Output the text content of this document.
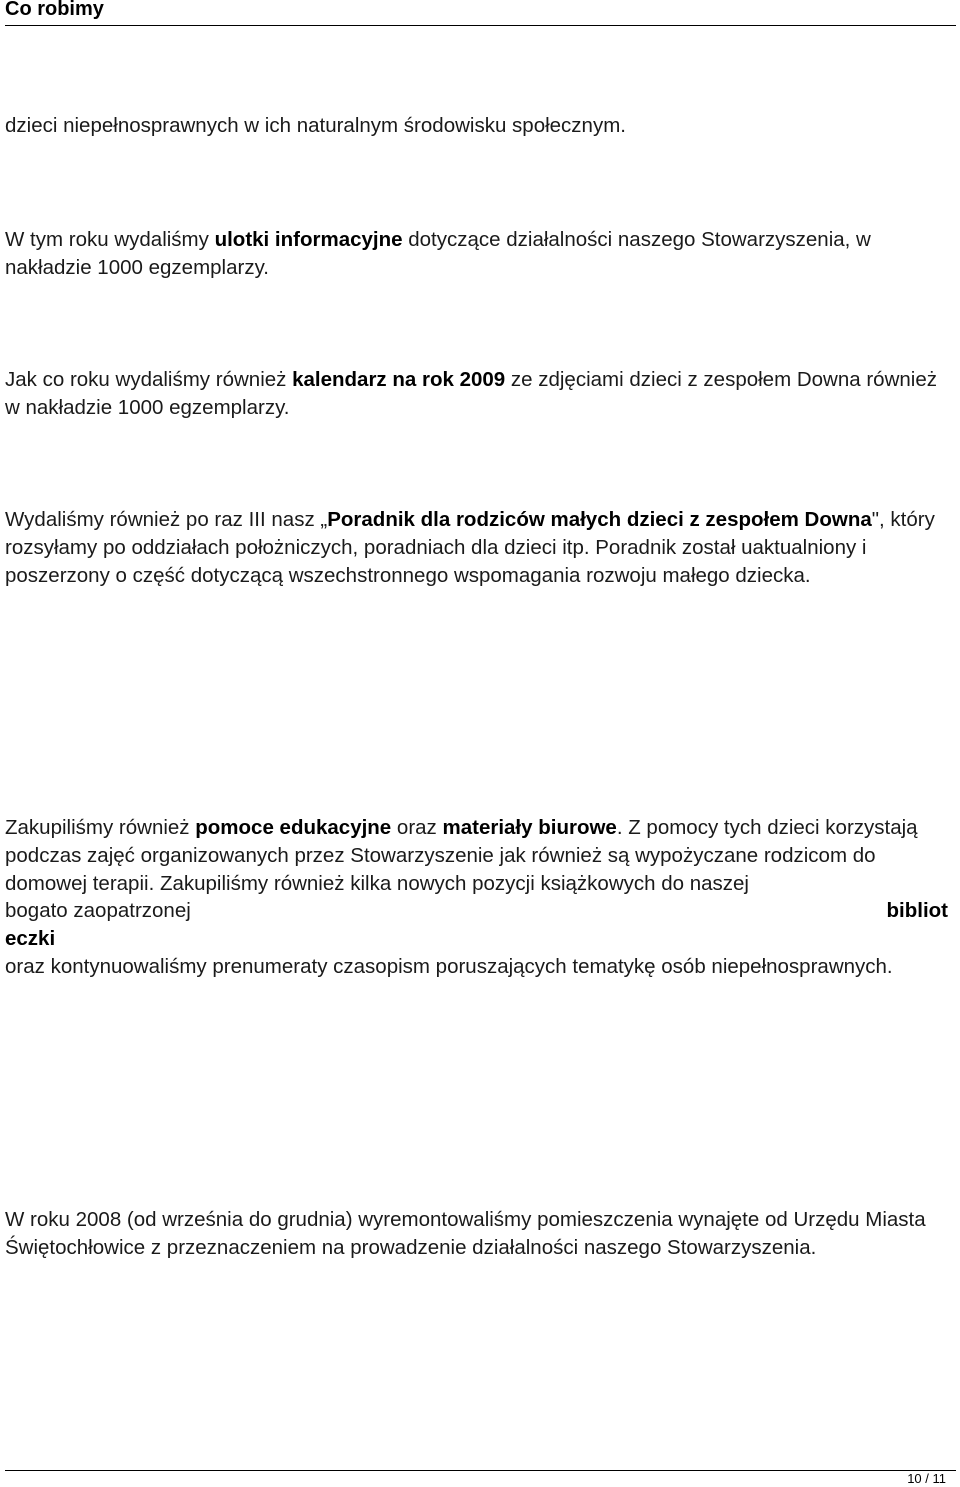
Co robimy

dzieci niepełnosprawnych w ich naturalnym środowisku społecznym.

W tym roku wydaliśmy ulotki informacyjne dotyczące działalności naszego Stowarzyszenia, w nakładzie 1000 egzemplarzy.

Jak co roku wydaliśmy również kalendarz na rok 2009 ze zdjęciami dzieci z zespołem Downa również w nakładzie 1000 egzemplarzy.

Wydaliśmy również po raz III nasz „Poradnik dla rodziców małych dzieci z zespołem Downa", który rozsyłamy po oddziałach położniczych, poradniach dla dzieci itp. Poradnik został uaktualniony i poszerzony o część dotyczącą wszechstronnego wspomagania rozwoju małego dziecka.

Zakupiliśmy również pomoce edukacyjne oraz materiały biurowe. Z pomocy tych dzieci korzystają podczas zajęć organizowanych przez Stowarzyszenie jak również są wypożyczane rodzicom do domowej terapii. Zakupiliśmy również kilka nowych pozycji książkowych do naszej
bogato zaopatrzonej	bibliot
eczki
oraz kontynuowaliśmy prenumeraty czasopism poruszających tematykę osób niepełnosprawnych.

W roku 2008 (od września do grudnia) wyremontowaliśmy pomieszczenia wynajęte od Urzędu Miasta Świętochłowice z przeznaczeniem na prowadzenie działalności naszego Stowarzyszenia.

10 / 11
